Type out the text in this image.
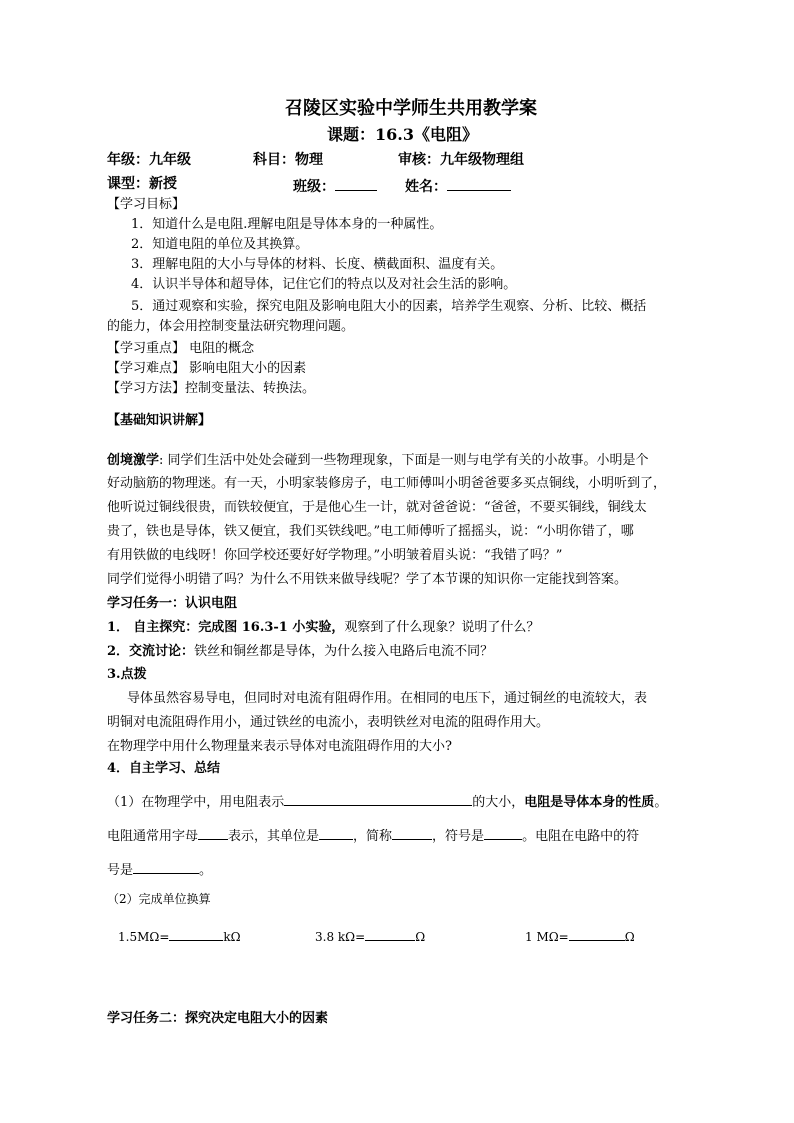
召陵区实验中学师生共用教学案
课题：16.3《电阻》
年级：九年级	科目：物理	审核：九年级物理组
课型：新授	班级：	姓名：
【学习目标】
1．知道什么是电阻.理解电阻是导体本身的一种属性。
2．知道电阻的单位及其换算。
3．理解电阻的大小与导体的材料、长度、横截面积、温度有关。
4．认识半导体和超导体，记住它们的特点以及对社会生活的影响。
5．通过观察和实验，探究电阻及影响电阻大小的因素，培养学生观察、分析、比较、概括
的能力，体会用控制变量法研究物理问题。
【学习重点】 电阻的概念
【学习难点】 影响电阻大小的因素
【学习方法】控制变量法、转换法。
【基础知识讲解】
创境激学: 同学们生活中处处会碰到一些物理现象，下面是一则与电学有关的小故事。小明是个
好动脑筋的物理迷。有一天，小明家装修房子，电工师傅叫小明爸爸要多买点铜线，小明听到了，
他听说过铜线很贵，而铁较便宜，于是他心生一计，就对爸爸说：“爸爸，不要买铜线，铜线太
贵了，铁也是导体，铁又便宜，我们买铁线吧。”电工师傅听了摇摇头，说：“小明你错了，哪
有用铁做的电线呀！你回学校还要好好学物理。”小明皱着眉头说：“我错了吗？”
同学们觉得小明错了吗？为什么不用铁来做导线呢？学了本节课的知识你一定能找到答案。
学习任务一：认识电阻
1． 自主探究：完成图 16.3-1 小实验，观察到了什么现象？说明了什么？
2．交流讨论：铁丝和铜丝都是导体，为什么接入电路后电流不同？
3.点拨
导体虽然容易导电，但同时对电流有阻碍作用。在相同的电压下，通过铜丝的电流较大，表
明铜对电流阻碍作用小，通过铁丝的电流小，表明铁丝对电流的阻碍作用大。
在物理学中用什么物理量来表示导体对电流阻碍作用的大小?
4．自主学习、总结
（1）在物理学中，用电阻表示	的大小，电阻是导体本身的性质。
电阻通常用字母 表示，其单位是	，简称	，符号是	。电阻在电路中的符
号是	。
（2）完成单位换算
1.5MΩ=	kΩ	3.8 kΩ=	Ω	1 MΩ=	Ω
学习任务二：探究决定电阻大小的因素
